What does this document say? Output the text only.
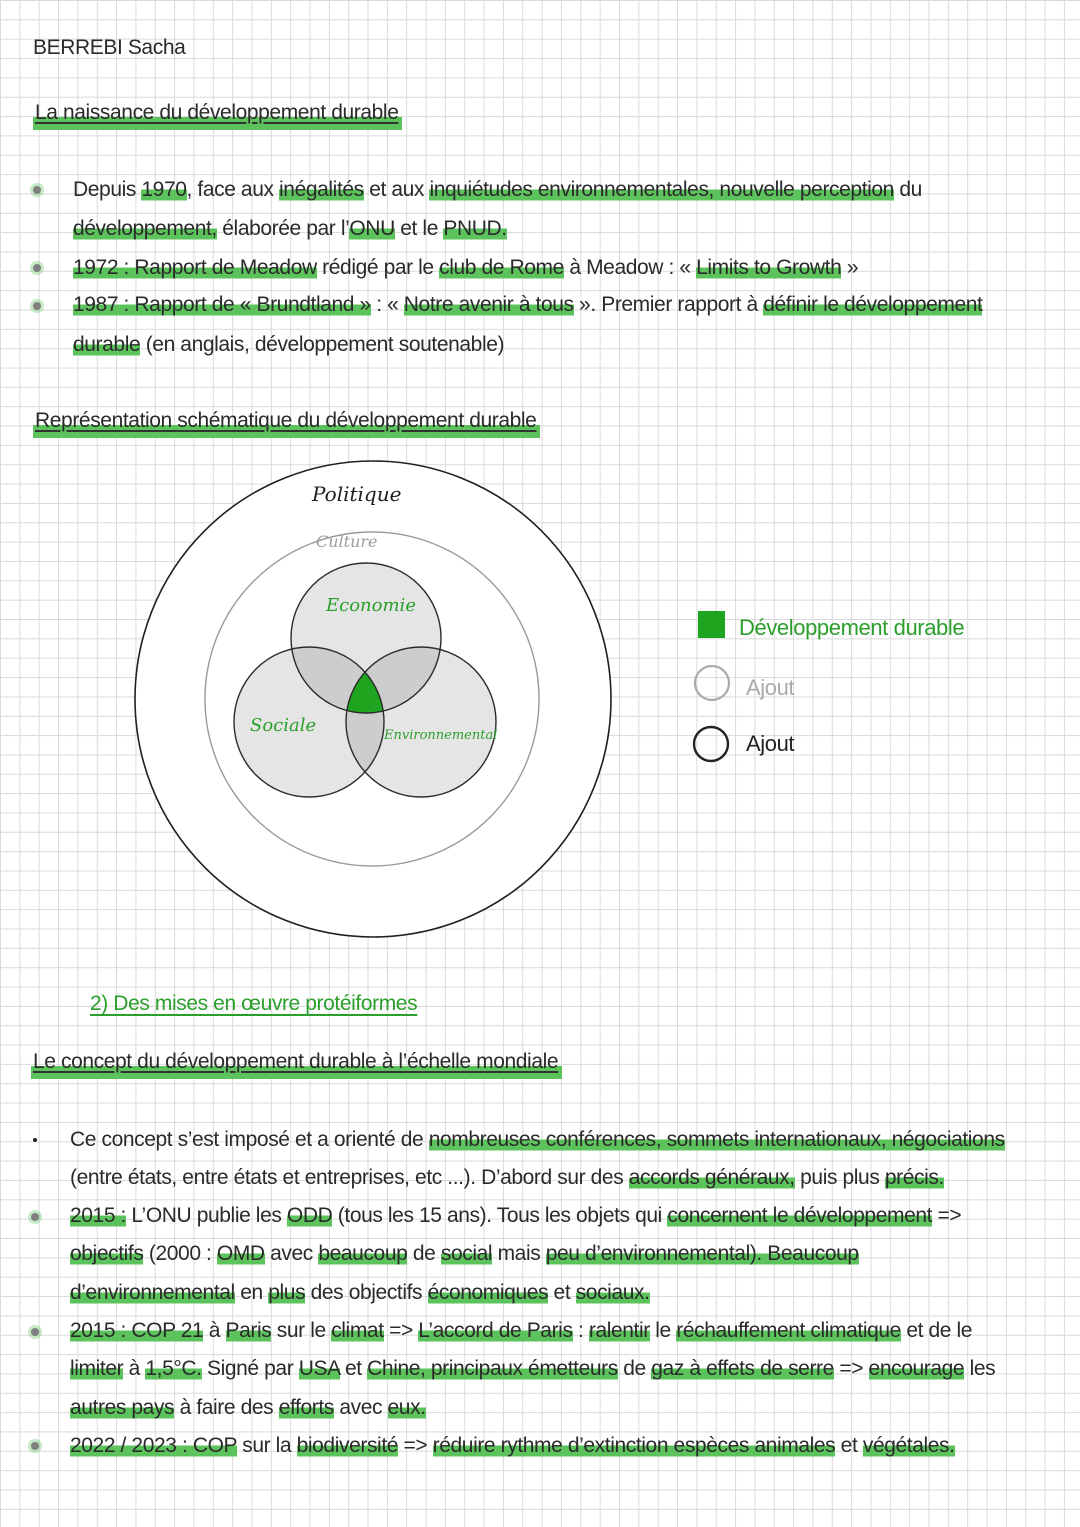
BERREBI Sacha
La naissance du développement durable
Depuis 1970, face aux inégalités et aux inquiétudes environnementales, nouvelle perception du
développement, élaborée par l’ONU et le PNUD.
1972 : Rapport de Meadow rédigé par le club de Rome à Meadow : « Limits to Growth »
1987 : Rapport de « Brundtland » : « Notre avenir à tous ». Premier rapport à définir le développement
durable (en anglais, développement soutenable)
Représentation schématique du développement durable
Politique
Culture
Economie
Sociale	Environnemental
Développement durable
Ajout
Ajout
2) Des mises en œuvre protéiformes
Le concept du développement durable à l’échelle mondiale
Ce concept s’est imposé et a orienté de nombreuses conférences, sommets internationaux, négociations
(entre états, entre états et entreprises, etc ...). D’abord sur des accords généraux, puis plus précis.
2015 : L’ONU publie les ODD (tous les 15 ans). Tous les objets qui concernent le développement =>
objectifs (2000 : OMD avec beaucoup de social mais peu d’environnemental). Beaucoup
d’environnemental en plus des objectifs économiques et sociaux.
2015 : COP 21 à Paris sur le climat => L’accord de Paris : ralentir le réchauffement climatique et de le
limiter à 1,5°C. Signé par USA et Chine, principaux émetteurs de gaz à effets de serre => encourage les
autres pays à faire des efforts avec eux.
2022 / 2023 : COP sur la biodiversité => réduire rythme d’extinction espèces animales et végétales.
